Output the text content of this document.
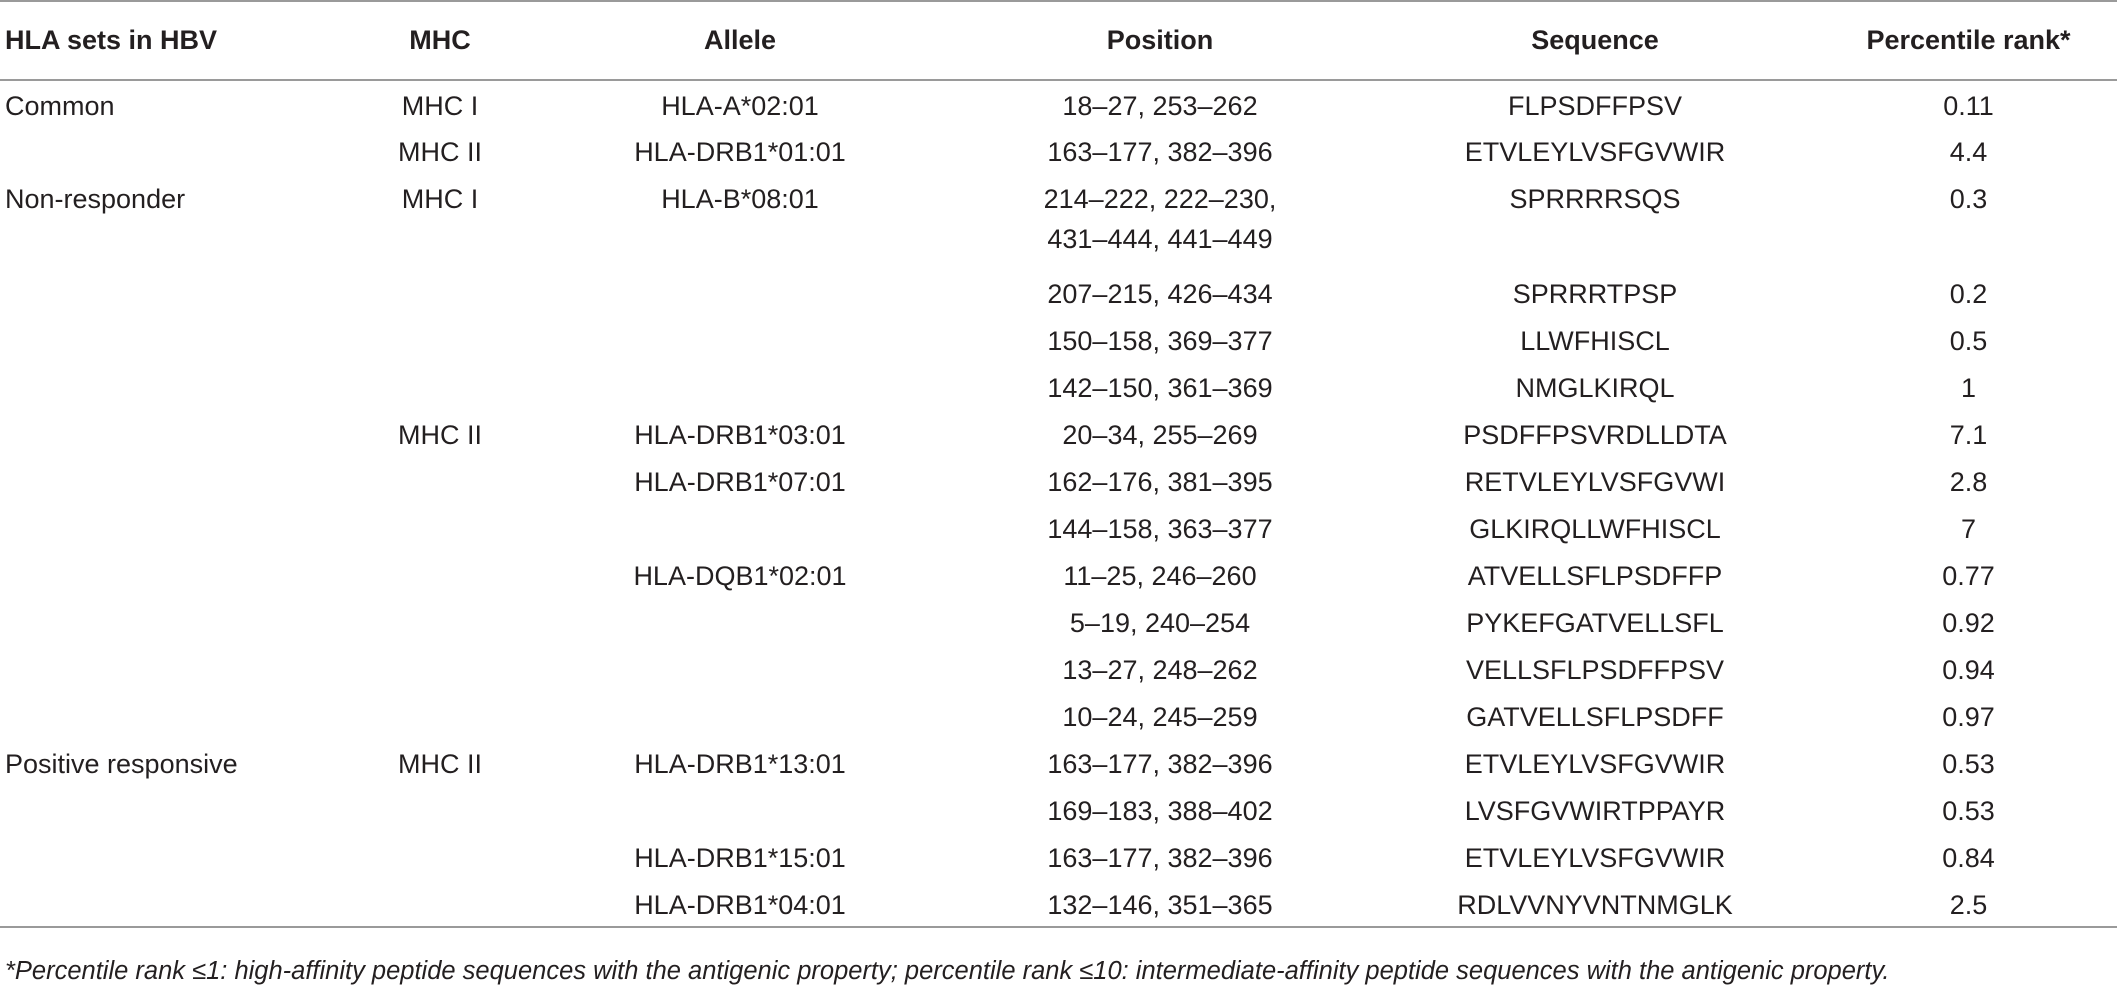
HLA sets in HBV	MHC	Allele	Position	Sequence	Percentile rank*
Common	MHC I	HLA-A*02:01	18–27, 253–262	FLPSDFFPSV	0.11
	MHC II	HLA-DRB1*01:01	163–177, 382–396	ETVLEYLVSFGVWIR	4.4
Non-responder	MHC I	HLA-B*08:01	214–222, 222–230,
431–444, 441–449	SPRRRRSQS	0.3
			207–215, 426–434	SPRRRTPSP	0.2
			150–158, 369–377	LLWFHISCL	0.5
			142–150, 361–369	NMGLKIRQL	1
	MHC II	HLA-DRB1*03:01	20–34, 255–269	PSDFFPSVRDLLDTA	7.1
		HLA-DRB1*07:01	162–176, 381–395	RETVLEYLVSFGVWI	2.8
			144–158, 363–377	GLKIRQLLWFHISCL	7
		HLA-DQB1*02:01	11–25, 246–260	ATVELLSFLPSDFFP	0.77
			5–19, 240–254	PYKEFGATVELLSFL	0.92
			13–27, 248–262	VELLSFLPSDFFPSV	0.94
			10–24, 245–259	GATVELLSFLPSDFF	0.97
Positive responsive	MHC II	HLA-DRB1*13:01	163–177, 382–396	ETVLEYLVSFGVWIR	0.53
			169–183, 388–402	LVSFGVWIRTPPAYR	0.53
		HLA-DRB1*15:01	163–177, 382–396	ETVLEYLVSFGVWIR	0.84
		HLA-DRB1*04:01	132–146, 351–365	RDLVVNYVNTNMGLK	2.5
*Percentile rank ≤1: high-affinity peptide sequences with the antigenic property; percentile rank ≤10: intermediate-affinity peptide sequences with the antigenic property.
